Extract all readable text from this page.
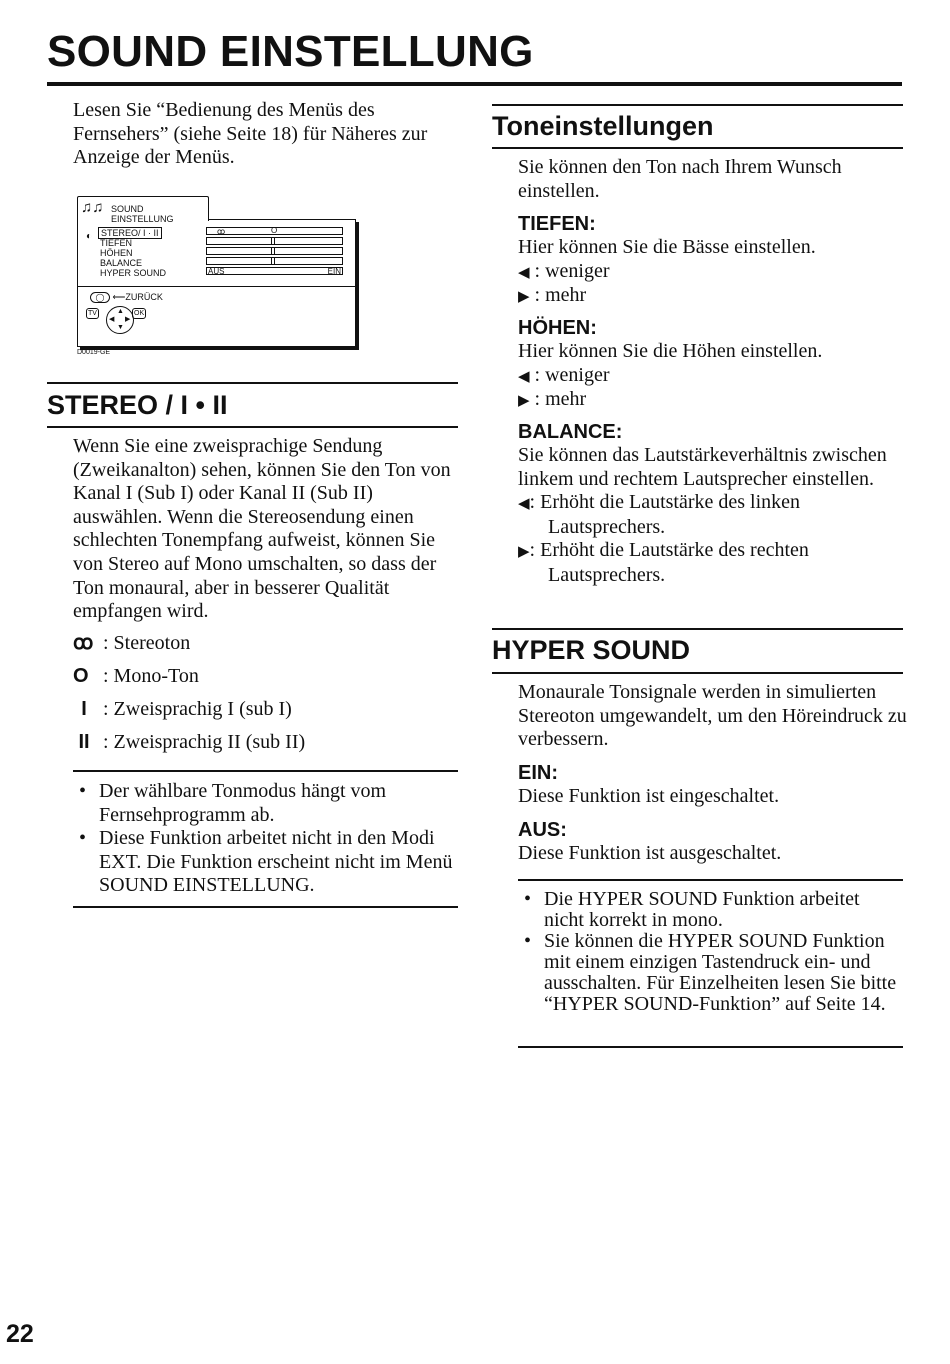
SOUND EINSTELLUNG
Lesen Sie “Bedienung des Menüs des Fernsehers” (siehe Seite 18) für Näheres zur Anzeige der Menüs.
♫♫ SOUND EINSTELLUNG
◐ STEREO/ I · II
TIEFEN
HÖHEN
BALANCE
HYPER SOUND
ꝏ	O
AUS	EIN
◯ ⟵ZURÜCK
TV	▲
▼
◀ ▶
OK
D0019-GE
STEREO / I • II
Wenn Sie eine zweisprachige Sendung (Zweikanalton) sehen, können Sie den Ton von Kanal I (Sub I) oder Kanal II (Sub II) auswählen. Wenn die Stereosendung einen schlechten Tonempfang aufweist, können Sie von Stereo auf Mono umschalten, so dass der Ton monaural, aber in besserer Qualität empfangen wird.
ꝏ : Stereoton
O : Mono-Ton
I : Zweisprachig I (sub I)
II : Zweisprachig II (sub II)
• Der wählbare Tonmodus hängt vom Fernsehprogramm ab.
• Diese Funktion arbeitet nicht in den Modi EXT. Die Funktion erscheint nicht im Menü SOUND EINSTELLUNG.
Toneinstellungen
Sie können den Ton nach Ihrem Wunsch einstellen.
TIEFEN:
Hier können Sie die Bässe einstellen.
◀ : weniger
▶ : mehr
HÖHEN:
Hier können Sie die Höhen einstellen.
◀ : weniger
▶ : mehr
BALANCE:
Sie können das Lautstärkeverhältnis zwischen linkem und rechtem Lautsprecher einstellen.
◀: Erhöht die Lautstärke des linken Lautsprechers.
▶: Erhöht die Lautstärke des rechten Lautsprechers.
HYPER SOUND
Monaurale Tonsignale werden in simulierten Stereoton umgewandelt, um den Höreindruck zu verbessern.
EIN:
Diese Funktion ist eingeschaltet.
AUS:
Diese Funktion ist ausgeschaltet.
• Die HYPER SOUND Funktion arbeitet nicht korrekt in mono.
• Sie können die HYPER SOUND Funktion mit einem einzigen Tastendruck ein- und ausschalten. Für Einzelheiten lesen Sie bitte “HYPER SOUND-Funktion” auf Seite 14.
22
